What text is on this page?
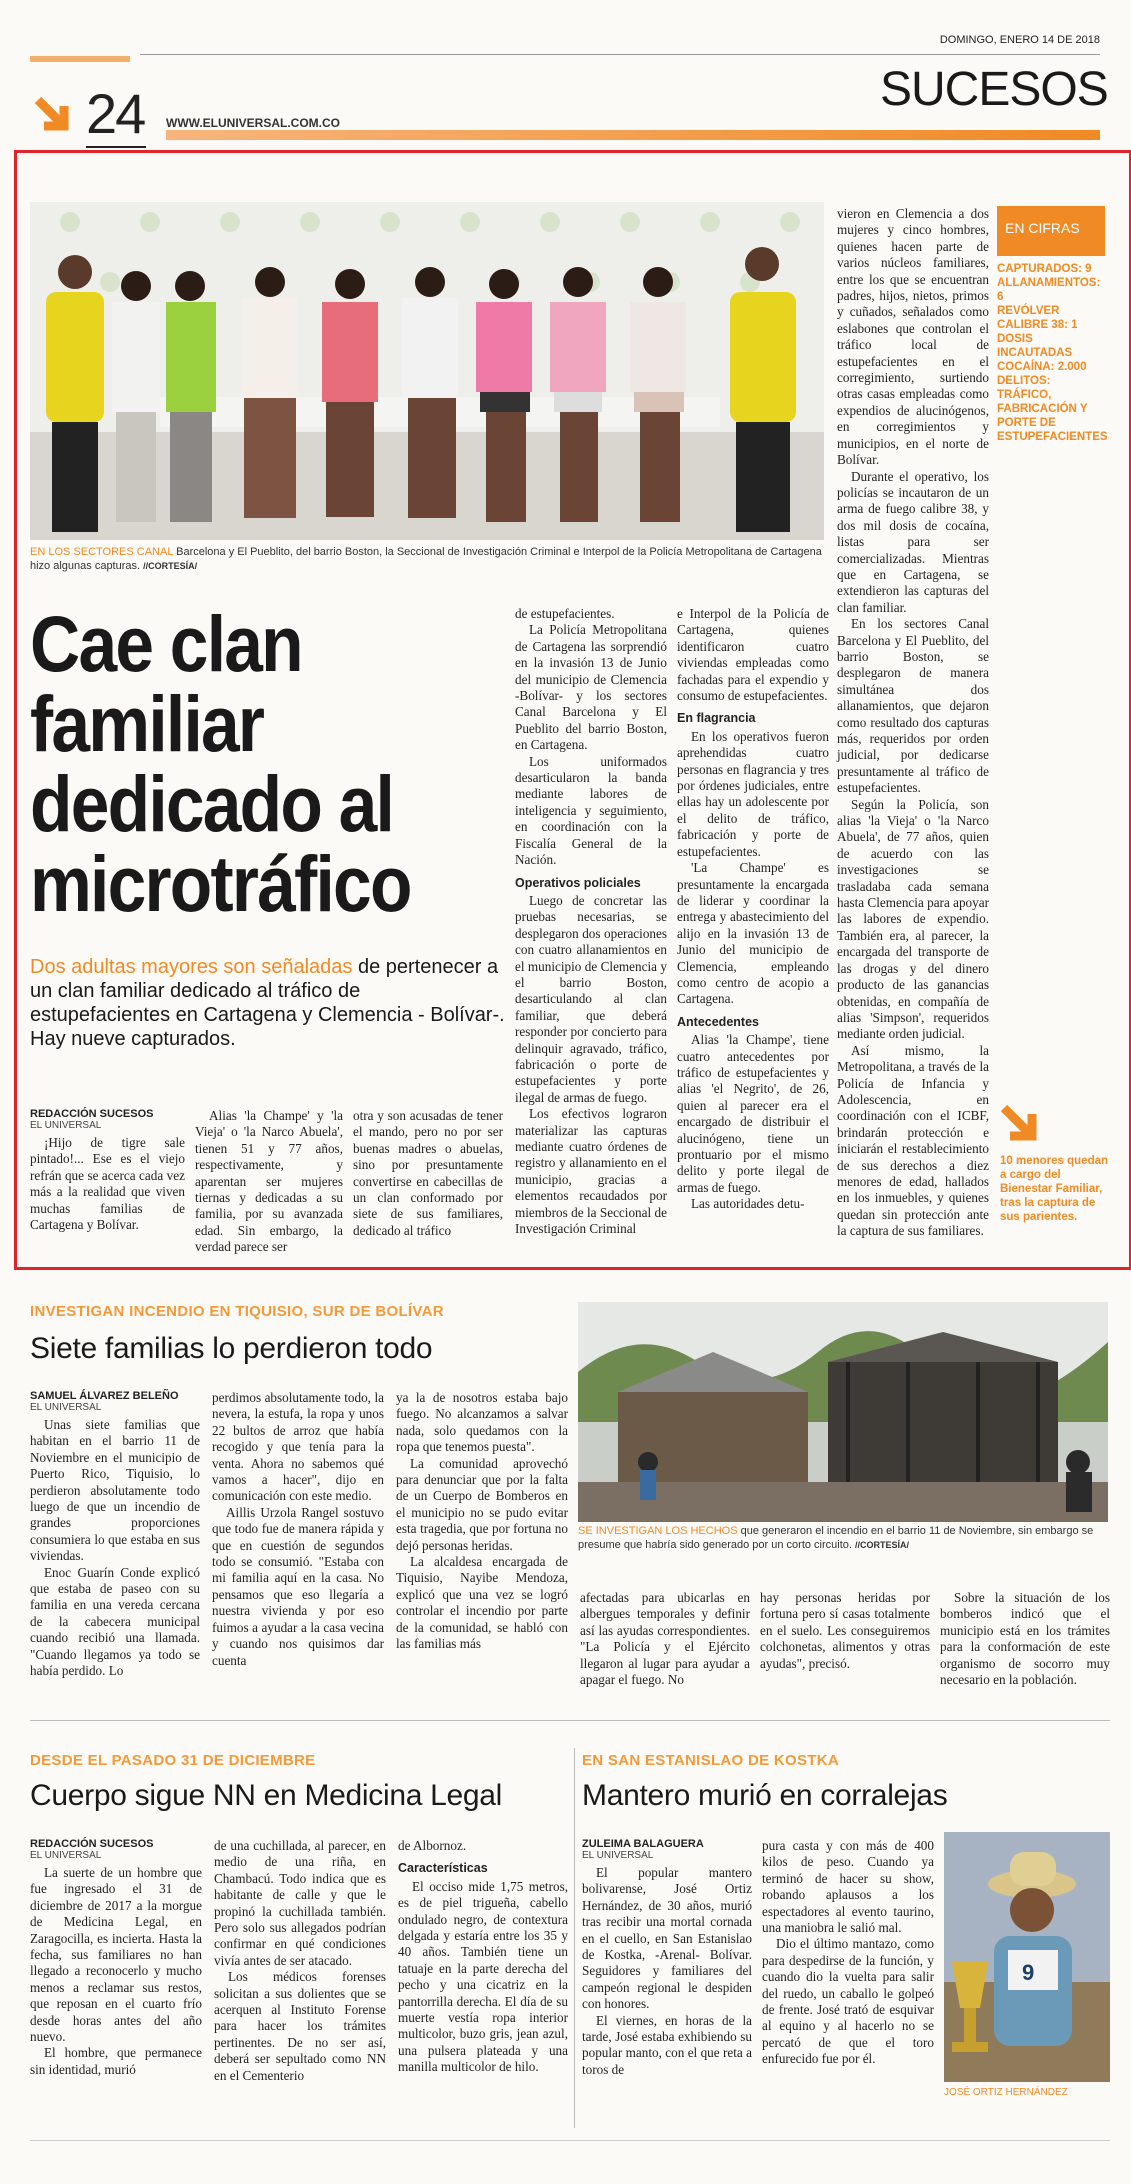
DOMINGO, ENERO 14 DE 2018
24 WWW.ELUNIVERSAL.COM.CO
SUCESOS
EN LOS SECTORES CANAL Barcelona y El Pueblito, del barrio Boston, la Seccional de Investigación Criminal e Interpol de la Policía Metropolitana de Cartagena hizo algunas capturas. //CORTESÍA/
Cae clan familiar dedicado al microtráfico
Dos adultas mayores son señaladas de pertenecer a un clan familiar dedicado al tráfico de estupefacientes en Cartagena y Clemencia - Bolívar-. Hay nueve capturados.
REDACCIÓN SUCESOS
EL UNIVERSAL

¡Hijo de tigre sale pintado!... Ese es el viejo refrán que se acerca cada vez más a la realidad que viven muchas familias de Cartagena y Bolívar.

Alias 'la Champe' y 'la Vieja' o 'la Narco Abuela', tienen 51 y 77 años, respectivamente, y aparentan ser mujeres tiernas y dedicadas a su familia, por su avanzada edad. Sin embargo, la verdad parece ser

otra y son acusadas de tener el mando, pero no por ser buenas madres o abuelas, sino por presuntamente convertirse en cabecillas de un clan conformado por siete de sus familiares, dedicado al tráfico

de estupefacientes.

La Policía Metropolitana de Cartagena las sorprendió en la invasión 13 de Junio del municipio de Clemencia -Bolívar- y los sectores Canal Barcelona y El Pueblito del barrio Boston, en Cartagena.

Los uniformados desarticularon la banda mediante labores de inteligencia y seguimiento, en coordinación con la Fiscalía General de la Nación.

Operativos policiales

Luego de concretar las pruebas necesarias, se desplegaron dos operaciones con cuatro allanamientos en el municipio de Clemencia y el barrio Boston, desarticulando al clan familiar, que deberá responder por concierto para delinquir agravado, tráfico, fabricación o porte de estupefacientes y porte ilegal de armas de fuego.

Los efectivos lograron materializar las capturas mediante cuatro órdenes de registro y allanamiento en el municipio, gracias a elementos recaudados por miembros de la Seccional de Investigación Criminal

e Interpol de la Policía de Cartagena, quienes identificaron cuatro viviendas empleadas como fachadas para el expendio y consumo de estupefacientes.

En flagrancia

En los operativos fueron aprehendidas cuatro personas en flagrancia y tres por órdenes judiciales, entre ellas hay un adolescente por el delito de tráfico, fabricación y porte de estupefacientes.

'La Champe' es presuntamente la encargada de liderar y coordinar la entrega y abastecimiento del alijo en la invasión 13 de Junio del municipio de Clemencia, empleando como centro de acopio a Cartagena.

Antecedentes

Alias 'la Champe', tiene cuatro antecedentes por tráfico de estupefacientes y alias 'el Negrito', de 26, quien al parecer era el encargado de distribuir el alucinógeno, tiene un prontuario por el mismo delito y porte ilegal de armas de fuego.

Las autoridades detu-

vieron en Clemencia a dos mujeres y cinco hombres, quienes hacen parte de varios núcleos familiares, entre los que se encuentran padres, hijos, nietos, primos y cuñados, señalados como eslabones que controlan el tráfico local de estupefacientes en el corregimiento, surtiendo otras casas empleadas como expendios de alucinógenos, en corregimientos y municipios, en el norte de Bolívar.

Durante el operativo, los policías se incautaron de un arma de fuego calibre 38, y dos mil dosis de cocaína, listas para ser comercializadas. Mientras que en Cartagena, se extendieron las capturas del clan familiar.

En los sectores Canal Barcelona y El Pueblito, del barrio Boston, se desplegaron de manera simultánea dos allanamientos, que dejaron como resultado dos capturas más, requeridos por orden judicial, por dedicarse presuntamente al tráfico de estupefacientes.

Según la Policía, son alias 'la Vieja' o 'la Narco Abuela', de 77 años, quien de acuerdo con las investigaciones se trasladaba cada semana hasta Clemencia para apoyar las labores de expendio. También era, al parecer, la encargada del transporte de las drogas y del dinero producto de las ganancias obtenidas, en compañía de alias 'Simpson', requeridos mediante orden judicial.

Así mismo, la Metropolitana, a través de la Policía de Infancia y Adolescencia, en coordinación con el ICBF, brindarán protección e iniciarán el restablecimiento de sus derechos a diez menores de edad, hallados en los inmuebles, y quienes quedan sin protección ante la captura de sus familiares.

EN CIFRAS
CAPTURADOS: 9
ALLANAMIENTOS: 6
REVÓLVER CALIBRE 38: 1
DOSIS INCAUTADAS COCAÍNA: 2.000
DELITOS: TRÁFICO, FABRICACIÓN Y PORTE DE ESTUPEFACIENTES
10 menores quedan a cargo del Bienestar Familiar, tras la captura de sus parientes.
INVESTIGAN INCENDIO EN TIQUISIO, SUR DE BOLÍVAR
Siete familias lo perdieron todo
SAMUEL ÁLVAREZ BELEÑO
EL UNIVERSAL

Unas siete familias que habitan en el barrio 11 de Noviembre en el municipio de Puerto Rico, Tiquisio, lo perdieron absolutamente todo luego de que un incendio de grandes proporciones consumiera lo que estaba en sus viviendas.

Enoc Guarín Conde explicó que estaba de paseo con su familia en una vereda cercana de la cabecera municipal cuando recibió una llamada. "Cuando llegamos ya todo se había perdido. Lo

perdimos absolutamente todo, la nevera, la estufa, la ropa y unos 22 bultos de arroz que había recogido y que tenía para la venta. Ahora no sabemos qué vamos a hacer", dijo en comunicación con este medio.

Aillis Urzola Rangel sostuvo que todo fue de manera rápida y que en cuestión de segundos todo se consumió. "Estaba con mi familia aquí en la casa. No pensamos que eso llegaría a nuestra vivienda y por eso fuimos a ayudar a la casa vecina y cuando nos quisimos dar cuenta

ya la de nosotros estaba bajo fuego. No alcanzamos a salvar nada, solo quedamos con la ropa que tenemos puesta".

La comunidad aprovechó para denunciar que por la falta de un Cuerpo de Bomberos en el municipio no se pudo evitar esta tragedia, que por fortuna no dejó personas heridas.

La alcaldesa encargada de Tiquisio, Nayibe Mendoza, explicó que una vez se logró controlar el incendio por parte de la comunidad, se habló con las familias más

SE INVESTIGAN LOS HECHOS que generaron el incendio en el barrio 11 de Noviembre, sin embargo se presume que habría sido generado por un corto circuito. //CORTESÍA/

afectadas para ubicarlas en albergues temporales y definir así las ayudas correspondientes. "La Policía y el Ejército llegaron al lugar para ayudar a apagar el fuego. No

hay personas heridas por fortuna pero sí casas totalmente en el suelo. Les conseguiremos colchonetas, alimentos y otras ayudas", precisó.

Sobre la situación de los bomberos indicó que el municipio está en los trámites para la conformación de este organismo de socorro muy necesario en la población.

DESDE EL PASADO 31 DE DICIEMBRE
Cuerpo sigue NN en Medicina Legal
REDACCIÓN SUCESOS
EL UNIVERSAL

La suerte de un hombre que fue ingresado el 31 de diciembre de 2017 a la morgue de Medicina Legal, en Zaragocilla, es incierta. Hasta la fecha, sus familiares no han llegado a reconocerlo y mucho menos a reclamar sus restos, que reposan en el cuarto frío desde horas antes del año nuevo.

El hombre, que permanece sin identidad, murió

de una cuchillada, al parecer, en medio de una riña, en Chambacú. Todo indica que es habitante de calle y que le propinó la cuchillada también. Pero solo sus allegados podrían confirmar en qué condiciones vivía antes de ser atacado.

Los médicos forenses solicitan a sus dolientes que se acerquen al Instituto Forense para hacer los trámites pertinentes. De no ser así, deberá ser sepultado como NN en el Cementerio

de Albornoz.

Características

El occiso mide 1,75 metros, es de piel trigueña, cabello ondulado negro, de contextura delgada y estaría entre los 35 y 40 años. También tiene un tatuaje en la parte derecha del pecho y una cicatriz en la pantorrilla derecha. El día de su muerte vestía ropa interior multicolor, buzo gris, jean azul, una pulsera plateada y una manilla multicolor de hilo.

EN SAN ESTANISLAO DE KOSTKA
Mantero murió en corralejas
ZULEIMA BALAGUERA
EL UNIVERSAL

El popular mantero bolivarense, José Ortiz Hernández, de 30 años, murió tras recibir una mortal cornada en el cuello, en San Estanislao de Kostka, -Arenal- Bolívar. Seguidores y familiares del campeón regional le despiden con honores.

El viernes, en horas de la tarde, José estaba exhibiendo su popular manto, con el que reta a toros de

pura casta y con más de 400 kilos de peso. Cuando ya terminó de hacer su show, robando aplausos a los espectadores al evento taurino, una maniobra le salió mal.

Dio el último mantazo, como para despedirse de la función, y cuando dio la vuelta para salir del ruedo, un caballo le golpeó de frente. José trató de esquivar al equino y al hacerlo no se percató de que el toro enfurecido fue por él.

9
JOSÉ ORTIZ HERNÁNDEZ
